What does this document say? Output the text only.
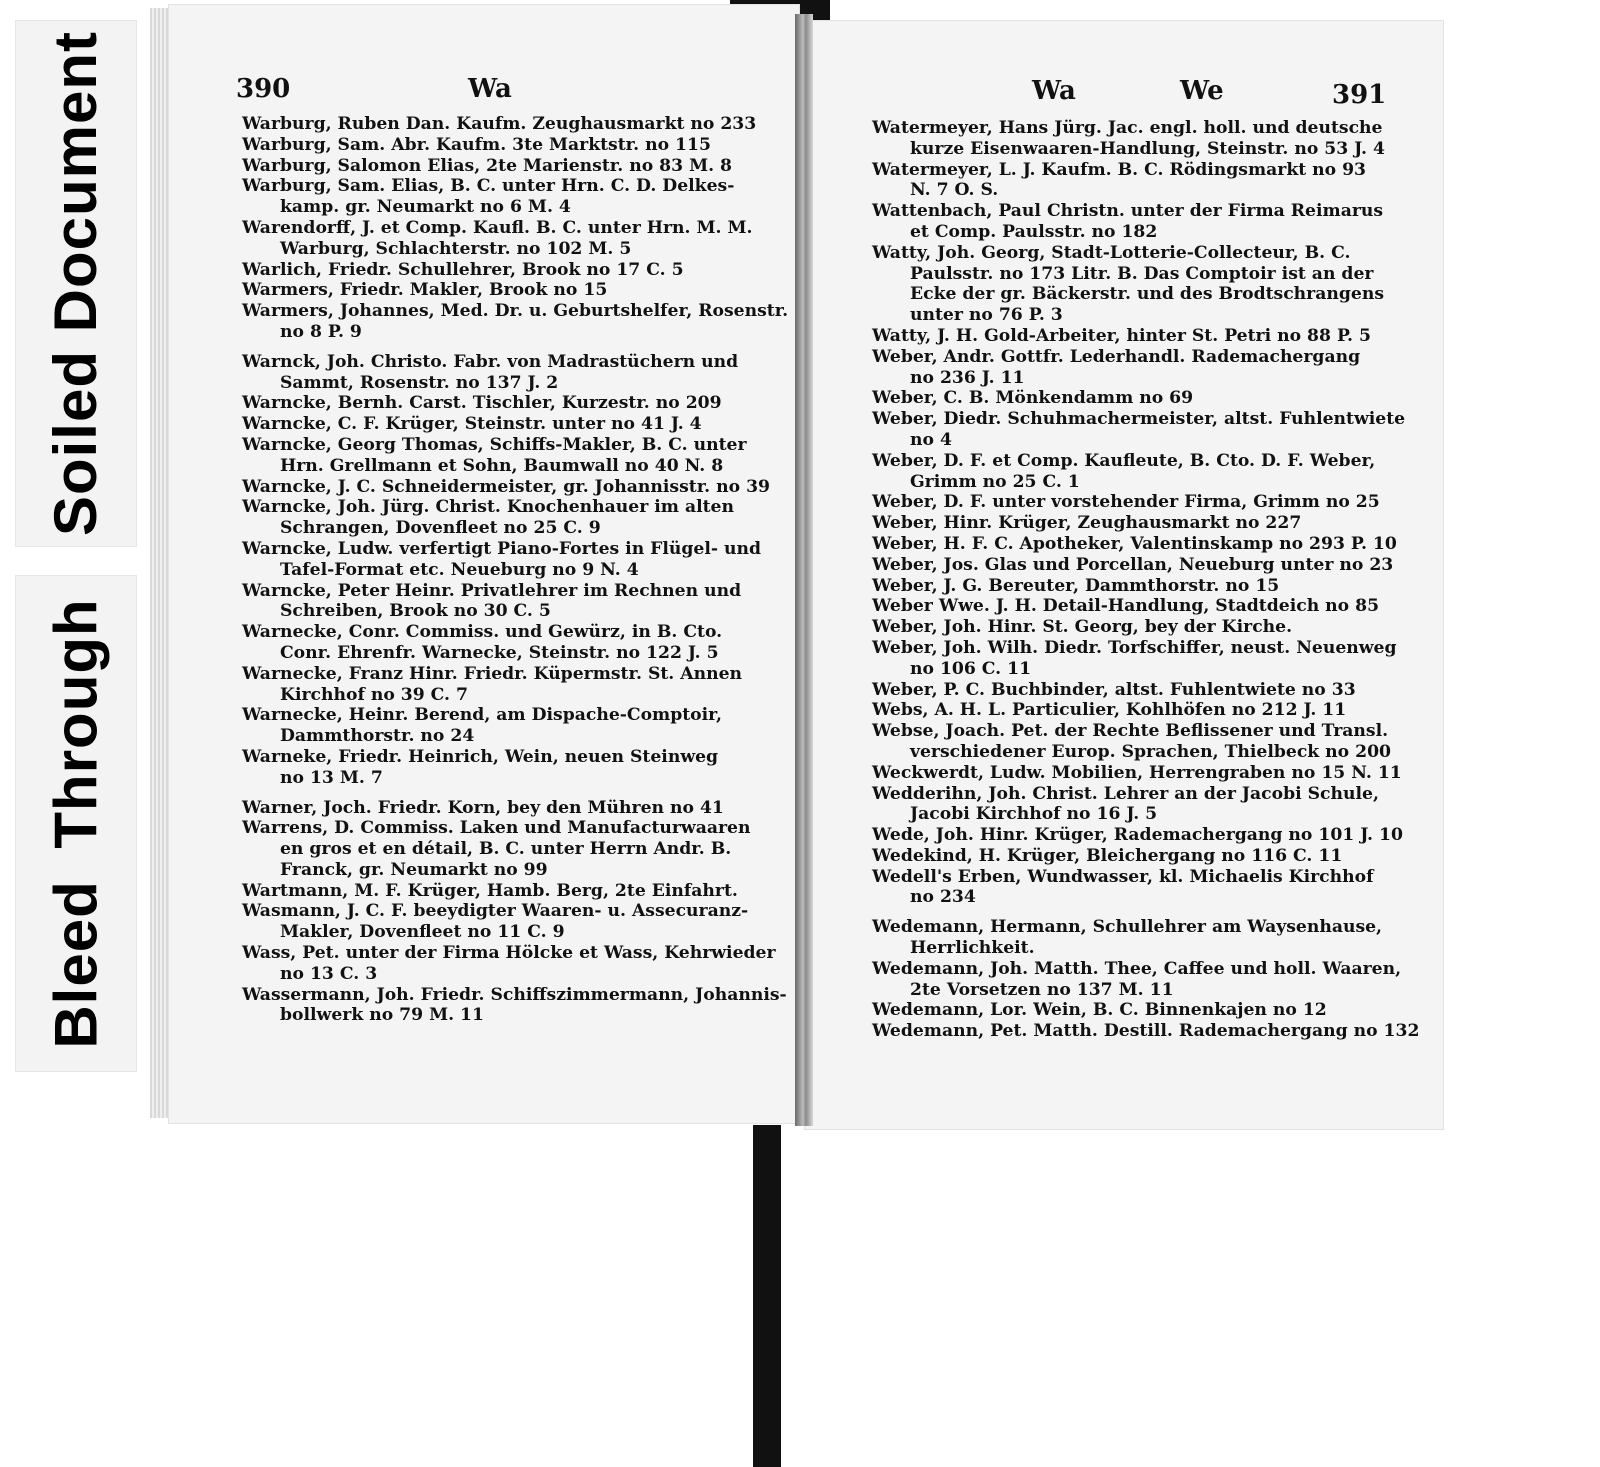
Soiled Document
Bleed Through
390	Wa	Wa	We	391
Warburg, Ruben Dan. Kaufm. Zeughausmarkt no 233
Warburg, Sam. Abr. Kaufm. 3te Marktstr. no 115
Warburg, Salomon Elias, 2te Marienstr. no 83 M. 8
Warburg, Sam. Elias, B. C. unter Hrn. C. D. Delkes-
kamp. gr. Neumarkt no 6 M. 4
Warendorff, J. et Comp. Kaufl. B. C. unter Hrn. M. M.
Warburg, Schlachterstr. no 102 M. 5
Warlich, Friedr. Schullehrer, Brook no 17 C. 5
Warmers, Friedr. Makler, Brook no 15
Warmers, Johannes, Med. Dr. u. Geburtshelfer, Rosenstr.
no 8 P. 9
Warnck, Joh. Christo. Fabr. von Madrastüchern und
Sammt, Rosenstr. no 137 J. 2
Warncke, Bernh. Carst. Tischler, Kurzestr. no 209
Warncke, C. F. Krüger, Steinstr. unter no 41 J. 4
Warncke, Georg Thomas, Schiffs-Makler, B. C. unter
Hrn. Grellmann et Sohn, Baumwall no 40 N. 8
Warncke, J. C. Schneidermeister, gr. Johannisstr. no 39
Warncke, Joh. Jürg. Christ. Knochenhauer im alten
Schrangen, Dovenfleet no 25 C. 9
Warncke, Ludw. verfertigt Piano-Fortes in Flügel- und
Tafel-Format etc. Neueburg no 9 N. 4
Warncke, Peter Heinr. Privatlehrer im Rechnen und
Schreiben, Brook no 30 C. 5
Warnecke, Conr. Commiss. und Gewürz, in B. Cto.
Conr. Ehrenfr. Warnecke, Steinstr. no 122 J. 5
Warnecke, Franz Hinr. Friedr. Küpermstr. St. Annen
Kirchhof no 39 C. 7
Warnecke, Heinr. Berend, am Dispache-Comptoir,
Dammthorstr. no 24
Warneke, Friedr. Heinrich, Wein, neuen Steinweg
no 13 M. 7
Warner, Joch. Friedr. Korn, bey den Mühren no 41
Warrens, D. Commiss. Laken und Manufacturwaaren
en gros et en détail, B. C. unter Herrn Andr. B.
Franck, gr. Neumarkt no 99
Wartmann, M. F. Krüger, Hamb. Berg, 2te Einfahrt.
Wasmann, J. C. F. beeydigter Waaren- u. Assecuranz-
Makler, Dovenfleet no 11 C. 9
Wass, Pet. unter der Firma Hölcke et Wass, Kehrwieder
no 13 C. 3
Wassermann, Joh. Friedr. Schiffszimmermann, Johannis-
bollwerk no 79 M. 11
Watermeyer, Hans Jürg. Jac. engl. holl. und deutsche
kurze Eisenwaaren-Handlung, Steinstr. no 53 J. 4
Watermeyer, L. J. Kaufm. B. C. Rödingsmarkt no 93
N. 7 O. S.
Wattenbach, Paul Christn. unter der Firma Reimarus
et Comp. Paulsstr. no 182
Watty, Joh. Georg, Stadt-Lotterie-Collecteur, B. C.
Paulsstr. no 173 Litr. B. Das Comptoir ist an der
Ecke der gr. Bäckerstr. und des Brodtschrangens
unter no 76 P. 3
Watty, J. H. Gold-Arbeiter, hinter St. Petri no 88 P. 5
Weber, Andr. Gottfr. Lederhandl. Rademachergang
no 236 J. 11
Weber, C. B. Mönkendamm no 69
Weber, Diedr. Schuhmachermeister, altst. Fuhlentwiete
no 4
Weber, D. F. et Comp. Kaufleute, B. Cto. D. F. Weber,
Grimm no 25 C. 1
Weber, D. F. unter vorstehender Firma, Grimm no 25
Weber, Hinr. Krüger, Zeughausmarkt no 227
Weber, H. F. C. Apotheker, Valentinskamp no 293 P. 10
Weber, Jos. Glas und Porcellan, Neueburg unter no 23
Weber, J. G. Bereuter, Dammthorstr. no 15
Weber Wwe. J. H. Detail-Handlung, Stadtdeich no 85
Weber, Joh. Hinr. St. Georg, bey der Kirche.
Weber, Joh. Wilh. Diedr. Torfschiffer, neust. Neuenweg
no 106 C. 11
Weber, P. C. Buchbinder, altst. Fuhlentwiete no 33
Webs, A. H. L. Particulier, Kohlhöfen no 212 J. 11
Webse, Joach. Pet. der Rechte Beflissener und Transl.
verschiedener Europ. Sprachen, Thielbeck no 200
Weckwerdt, Ludw. Mobilien, Herrengraben no 15 N. 11
Wedderihn, Joh. Christ. Lehrer an der Jacobi Schule,
Jacobi Kirchhof no 16 J. 5
Wede, Joh. Hinr. Krüger, Rademachergang no 101 J. 10
Wedekind, H. Krüger, Bleichergang no 116 C. 11
Wedell's Erben, Wundwasser, kl. Michaelis Kirchhof
no 234
Wedemann, Hermann, Schullehrer am Waysenhause,
Herrlichkeit.
Wedemann, Joh. Matth. Thee, Caffee und holl. Waaren,
2te Vorsetzen no 137 M. 11
Wedemann, Lor. Wein, B. C. Binnenkajen no 12
Wedemann, Pet. Matth. Destill. Rademachergang no 132
